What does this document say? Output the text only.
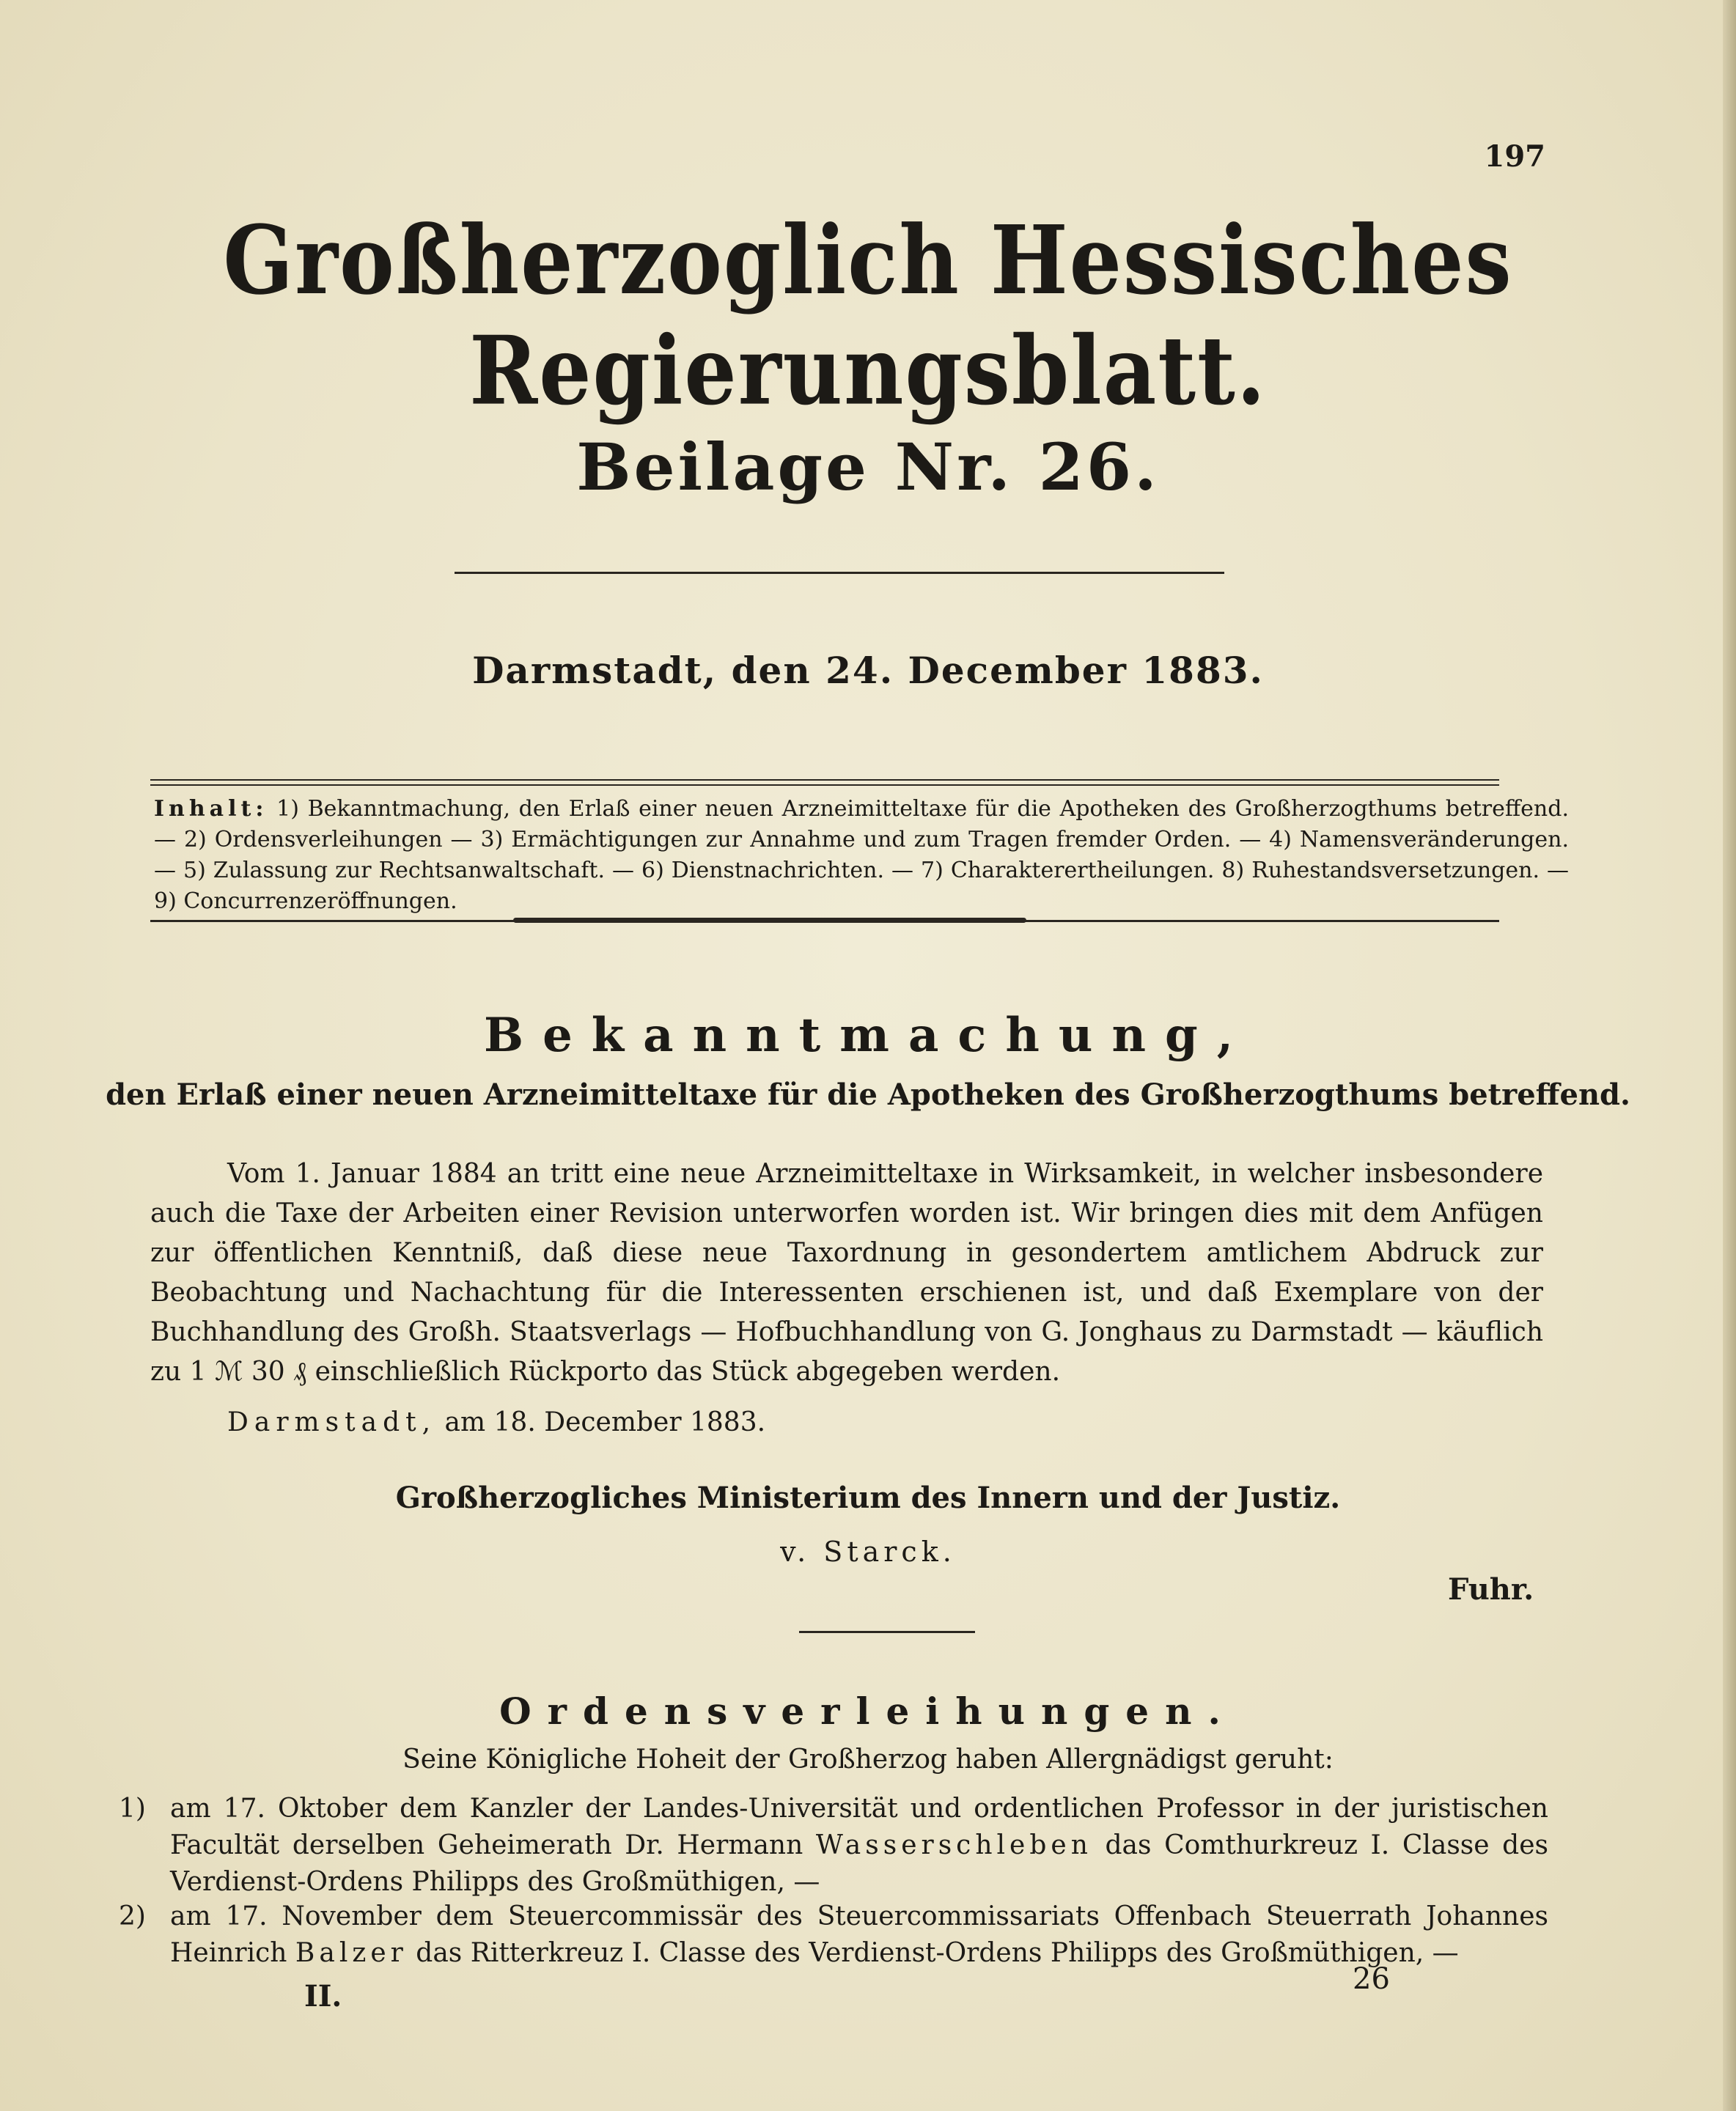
197
Großherzoglich Hessisches Regierungsblatt.
Beilage Nr. 26.
Darmstadt, den 24. December 1883.
Inhalt: 1) Bekanntmachung, den Erlaß einer neuen Arzneimitteltaxe für die Apotheken des Großherzogthums betreffend. — 2) Ordensverleihungen — 3) Ermächtigungen zur Annahme und zum Tragen fremder Orden. — 4) Namensveränderungen. — 5) Zulassung zur Rechtsanwaltschaft. — 6) Dienstnachrichten. — 7) Charakterertheilungen. 8) Ruhestandsversetzungen. — 9) Concurrenzeröffnungen.
Bekanntmachung,
den Erlaß einer neuen Arzneimitteltaxe für die Apotheken des Großherzogthums betreffend.
Vom 1. Januar 1884 an tritt eine neue Arzneimitteltaxe in Wirksamkeit, in welcher insbesondere auch die Taxe der Arbeiten einer Revision unterworfen worden ist. Wir bringen dies mit dem Anfügen zur öffentlichen Kenntniß, daß diese neue Taxordnung in gesondertem amtlichem Abdruck zur Beobachtung und Nachachtung für die Interessenten erschienen ist, und daß Exemplare von der Buchhandlung des Großh. Staatsverlags — Hofbuchhandlung von G. Jonghaus zu Darmstadt — käuflich zu 1 ℳ 30 ₰ einschließlich Rückporto das Stück abgegeben werden.
Darmstadt, am 18. December 1883.
Großherzogliches Ministerium des Innern und der Justiz.
v. Starck.
Fuhr.
Ordensverleihungen.
Seine Königliche Hoheit der Großherzog haben Allergnädigst geruht:
1) am 17. Oktober dem Kanzler der Landes-Universität und ordentlichen Professor in der juristischen Facultät derselben Geheimerath Dr. Hermann Wasserschleben das Comthurkreuz I. Classe des Verdienst-Ordens Philipps des Großmüthigen, —
2) am 17. November dem Steuercommissär des Steuercommissariats Offenbach Steuerrath Johannes Heinrich Balzer das Ritterkreuz I. Classe des Verdienst-Ordens Philipps des Großmüthigen, —
II.	26
